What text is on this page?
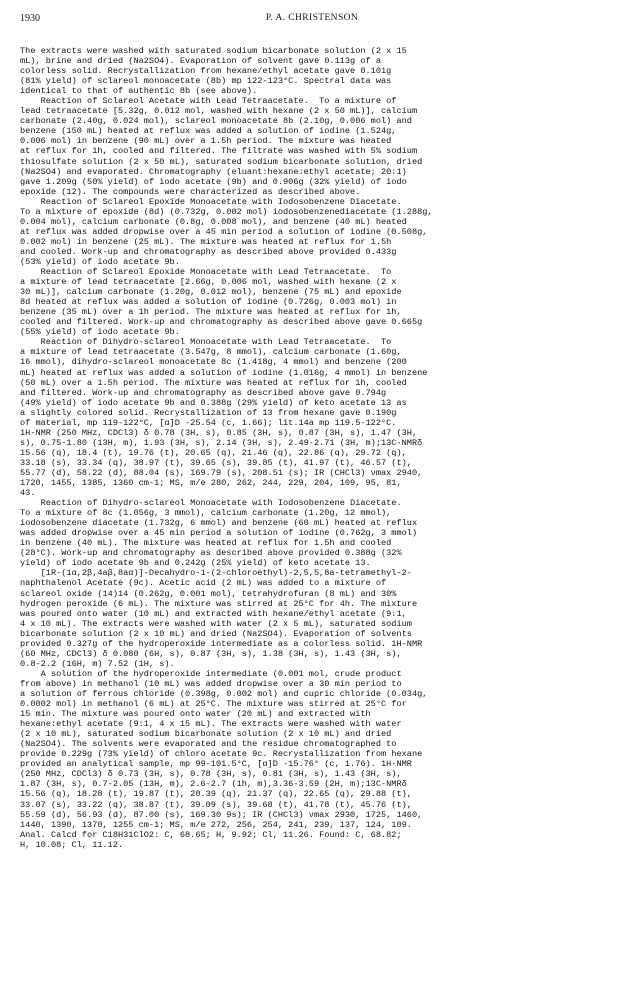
1930	P. A. CHRISTENSON
The extracts were washed with saturated sodium bicarbonate solution (2 x 15
mL), brine and dried (Na2SO4). Evaporation of solvent gave 0.113g of a
colorless solid. Recrystallization from hexane/ethyl acetate gave 0.101g
(81% yield) of sclareol monoacetate (8b) mp 122-123°C. Spectral data was
identical to that of authentic 8b (see above).
Reaction of Sclareol Acetate with Lead Tetraacetate.  To a mixture of
lead tetraacetate [5.32g, 0.012 mol, washed with hexane (2 x 50 mL)], calcium
carbonate (2.40g, 0.024 mol), sclareol monoacetate 8b (2.10g, 0.006 mol) and
benzene (150 mL) heated at reflux was added a solution of iodine (1.524g,
0.006 mol) in benzene (90 mL) over a 1.5h period. The mixture was heated
at reflux for 1h, cooled and filtered. The filtrate was washed with 5% sodium
thiosulfate solution (2 x 50 mL), saturated sodium bicarbonate solution, dried
(Na2SO4) and evaporated. Chromatography (eluant:hexane:ethyl acetate; 20:1)
gave 1.209g (50% yield) of iodo acetate (9b) and 0.906g (32% yield) of iodo
epoxide (12). The compounds were characterized as described above.
Reaction of Sclareol Epoxide Monoacetate with Iodosobenzene Diacetate.
To a mixture of epoxide (8d) (0.732g, 0.002 mol) iodosobenzenediacetate (1.288g,
0.004 mol), calcium carbonate (0.8g, 0.008 mol), and benzene (40 mL) heated
at reflux was added dropwise over a 45 min period a solution of iodine (0.508g,
0.002 mol) in benzene (25 mL). The mixture was heated at reflux for 1.5h
and cooled. Work-up and chromatography as described above provided 0.433g
(53% yield) of iodo acetate 9b.
Reaction of Sclareol Epoxide Monoacetate with Lead Tetraacetate.  To
a mixture of lead tetraacetate [2.66g, 0.006 mol, washed with hexane (2 x
30 mL)], calcium carbonate (1.20g, 0.012 mol), benzene (75 mL) and epoxide
8d heated at reflux was added a solution of iodine (0.726g, 0.003 mol) in
benzene (35 mL) over a 1h period. The mixture was heated at reflux for 1h,
cooled and filtered. Work-up and chromatography as described above gave 0.665g
(55% yield) of iodo acetate 9b.
Reaction of Dihydro-sclareol Monoacetate with Lead Tetraacetate.  To
a mixture of lead tetraacetate (3.547g, 8 mmol), calcium carbonate (1.60g,
16 mmol), dihydro-sclareol monoacetate 8c (1.418g, 4 mmol) and benzene (200
mL) heated at reflux was added a solution of iodine (1.016g, 4 mmol) in benzene
(50 mL) over a 1.5h period. The mixture was heated at reflux for 1h, cooled
and filtered. Work-up and chromatography as described above gave 0.794g
(49% yield) of iodo acetate 9b and 0.388g (29% yield) of keto acetate 13 as
a slightly colored solid. Recrystallization of 13 from hexane gave 0.190g
of material, mp 119-122°C, [α]D -25.54 (c, 1.66); lit.14a mp 119.5-122°C.
1H-NMR (250 MHz, CDCl3) δ 0.78 (3H, s), 0.85 (3H, s), 0.87 (3H, s), 1.47 (3H,
s), 0.75-1.80 (13H, m), 1.93 (3H, s), 2.14 (3H, s), 2.49-2.71 (3H, m);13C-NMRδ
15.56 (q), 18.4 (t), 19.76 (t), 20.65 (q), 21.46 (q), 22.86 (q), 29.72 (q),
33.18 (s), 33.34 (q), 38.97 (t), 39.65 (s), 39.85 (t), 41.97 (t), 46.57 (t),
55.77 (d), 58.22 (d), 88.04 (s), 169.79 (s), 208.51 (s); IR (CHCl3) νmax 2940,
1720, 1455, 1385, 1360 cm-1; MS, m/e 280, 262, 244, 229, 204, 109, 95, 81,
43.
Reaction of Dihydro-sclareol Monoacetate with Iodosobenzene Diacetate.
To a mixture of 8c (1.056g, 3 mmol), calcium carbonate (1.20g, 12 mmol),
iodosobenzene diacetate (1.732g, 6 mmol) and benzene (60 mL) heated at reflux
was added dropwise over a 45 min period a solution of iodine (0.762g, 3 mmol)
in benzene (40 mL). The mixture was heated at reflux for 1.5h and cooled
(28°C). Work-up and chromatography as described above provided 0.388g (32%
yield) of iodo acetate 9b and 0.242g (25% yield) of keto acetate 13.
[1R-(1α,2β,4aβ,8aα)]-Decahydro-1-(2-chloroethyl)-2,5,5,8a-tetramethyl-2-
naphthalenol Acetate (9c). Acetic acid (2 mL) was added to a mixture of
sclareol oxide (14)14 (0.262g, 0.001 mol), tetrahydrofuran (8 mL) and 30%
hydrogen peroxide (6 mL). The mixture was stirred at 25°C for 4h. The mixture
was poured onto water (10 mL) and extracted with hexane/ethyl acetate (9:1,
4 x 10 mL). The extracts were washed with water (2 x 5 mL), saturated sodium
bicarbonate solution (2 x 10 mL) and dried (Na2SO4). Evaporation of solvents
provided 0.327g of the hydroperoxide intermediate as a colorless solid. 1H-NMR
(60 MHz, CDCl3) δ 0.080 (6H, s), 0.87 (3H, s), 1.38 (3H, s), 1.43 (3H, s),
0.8-2.2 (16H, m) 7.52 (1H, s).
A solution of the hydroperoxide intermediate (0.001 mol, crude product
from above) in methanol (10 mL) was added dropwise over a 30 min period to
a solution of ferrous chloride (0.398g, 0.002 mol) and cupric chloride (0.034g,
0.0002 mol) in methanol (6 mL) at 25°C. The mixture was stirred at 25°C for
15 min. The mixture was poured onto water (20 mL) and extracted with
hexane:ethyl acetate (9:1, 4 x 15 mL). The extracts were washed with water
(2 x 10 mL), saturated sodium bicarbonate solution (2 x 10 mL) and dried
(Na2SO4). The solvents were evaporated and the residue chromatographed to
provide 0.229g (73% yield) of chloro acetate 9c. Recrystallization from hexane
provided an analytical sample, mp 99-101.5°C, [α]D -15.76° (c, 1.76). 1H-NMR
(250 MHz, CDCl3) δ 0.73 (3H, s), 0.78 (3H, s), 0.81 (3H, s), 1.43 (3H, s),
1.87 (3H, s), 0.7-2.05 (13H, m), 2.6-2.7 (1h, m),3.36-3.59 (2H, m);13C-NMRδ
15.56 (q), 18.28 (t), 19.87 (t), 20.39 (q), 21.37 (q), 22.65 (q), 29.88 (t),
33.07 (s), 33.22 (q), 38.87 (t), 39.09 (s), 39.68 (t), 41.78 (t), 45.76 (t),
55.59 (d), 56.93 (d), 87.00 (s), 169.30 9s); IR (CHCl3) νmax 2930, 1725, 1460,
1440, 1390, 1370, 1255 cm-1; MS, m/e 272, 256, 254, 241, 239, 137, 124, 109.
Anal. Calcd for C18H31ClO2: C, 68.65; H, 9.92; Cl, 11.26. Found: C, 68.82;
H, 10.08; Cl, 11.12.
